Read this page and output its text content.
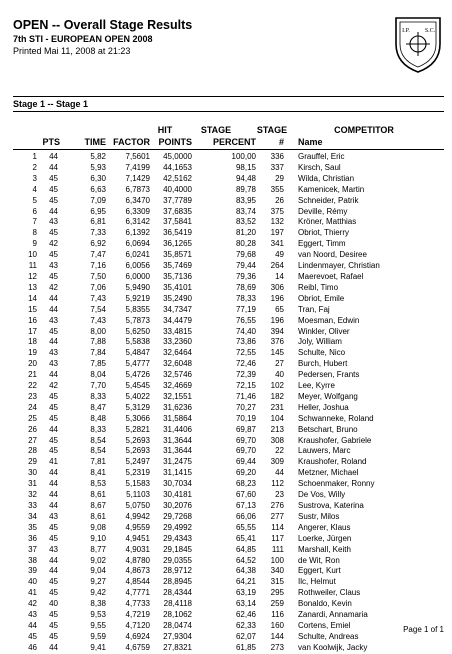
OPEN -- Overall Stage Results
7th STI - EUROPEAN OPEN 2008
Printed Mai 11, 2008 at 21:23
I.P. S.C.
Stage 1 -- Stage 1
HIT	STAGE	STAGE	COMPETITOR
PTS	TIME FACTOR POINTS	PERCENT	# Name
1	44	5,82	7,5601	45,0000	100,00	336 Grauffel, Eric
2	44	5,93	7,4199	44,1653	98,15	337 Kirsch, Saul
3	45	6,30	7,1429	42,5162	94,48	29 Wilda, Christian
4	45	6,63	6,7873	40,4000	89,78	355 Kamenicek, Martin
5	45	7,09	6,3470	37,7789	83,95	26 Schneider, Patrik
6	44	6,95	6,3309	37,6835	83,74	375 Deville, Rémy
7	43	6,81	6,3142	37,5841	83,52	132 Kröner, Matthias
8	45	7,33	6,1392	36,5419	81,20	197 Obriot, Thierry
9	42	6,92	6,0694	36,1265	80,28	341 Eggert, Timm
10	45	7,47	6,0241	35,8571	79,68	49 van Noord, Desiree
11	43	7,16	6,0056	35,7469	79,44	264 Lindenmayer, Christian
12	45	7,50	6,0000	35,7136	79,36	14 Maerevoet, Rafael
13	42	7,06	5,9490	35,4101	78,69	306 Reibl, Timo
14	44	7,43	5,9219	35,2490	78,33	196 Obriot, Emile
15	44	7,54	5,8355	34,7347	77,19	65 Tran, Faj
16	43	7,43	5,7873	34,4479	76,55	196 Moesman, Edwin
17	45	8,00	5,6250	33,4815	74,40	394 Winkler, Oliver
18	44	7,88	5,5838	33,2360	73,86	376 Joly, William
19	43	7,84	5,4847	32,6464	72,55	145 Schulte, Nico
20	43	7,85	5,4777	32,6048	72,46	27 Burch, Hubert
21	44	8,04	5,4726	32,5746	72,39	40 Pedersen, Frants
22	42	7,70	5,4545	32,4669	72,15	102 Lee, Kyrre
23	45	8,33	5,4022	32,1551	71,46	182 Meyer, Wolfgang
24	45	8,47	5,3129	31,6236	70,27	231 Heller, Joshua
25	45	8,48	5,3066	31,5864	70,19	104 Schwanneke, Roland
26	44	8,33	5,2821	31,4406	69,87	213 Betschart, Bruno
27	45	8,54	5,2693	31,3644	69,70	308 Kraushofer, Gabriele
28	45	8,54	5,2693	31,3644	69,70	22 Lauwers, Marc
29	41	7,81	5,2497	31,2475	69,44	309 Kraushofer, Roland
30	44	8,41	5,2319	31,1415	69,20	44 Metzner, Michael
31	44	8,53	5,1583	30,7034	68,23	112 Schoenmaker, Ronny
32	44	8,61	5,1103	30,4181	67,60	23 De Vos, Willy
33	44	8,67	5,0750	30,2076	67,13	276 Sustrova, Katerina
34	43	8,61	4,9942	29,7268	66,06	277 Sustr, Milos
35	45	9,08	4,9559	29,4992	65,55	114 Angerer, Klaus
36	45	9,10	4,9451	29,4343	65,41	117 Loerke, Jürgen
37	43	8,77	4,9031	29,1845	64,85	111 Marshall, Keith
38	44	9,02	4,8780	29,0355	64,52	100 de Wit, Ron
39	44	9,04	4,8673	28,9712	64,38	340 Eggert, Kurt
40	45	9,27	4,8544	28,8945	64,21	315 Ilc, Helmut
41	45	9,42	4,7771	28,4344	63,19	295 Rothweiler, Claus
42	40	8,38	4,7733	28,4118	63,14	259 Bonaldo, Kevin
43	45	9,53	4,7219	28,1062	62,46	116 Zanardi, Annamaria
44	45	9,55	4,7120	28,0474	62,33	160 Cortens, Emiel
45	45	9,59	4,6924	27,9304	62,07	144 Schulte, Andreas
46	44	9,41	4,6759	27,8321	61,85	273 van Koolwijk, Jacky
Page 1 of 1
